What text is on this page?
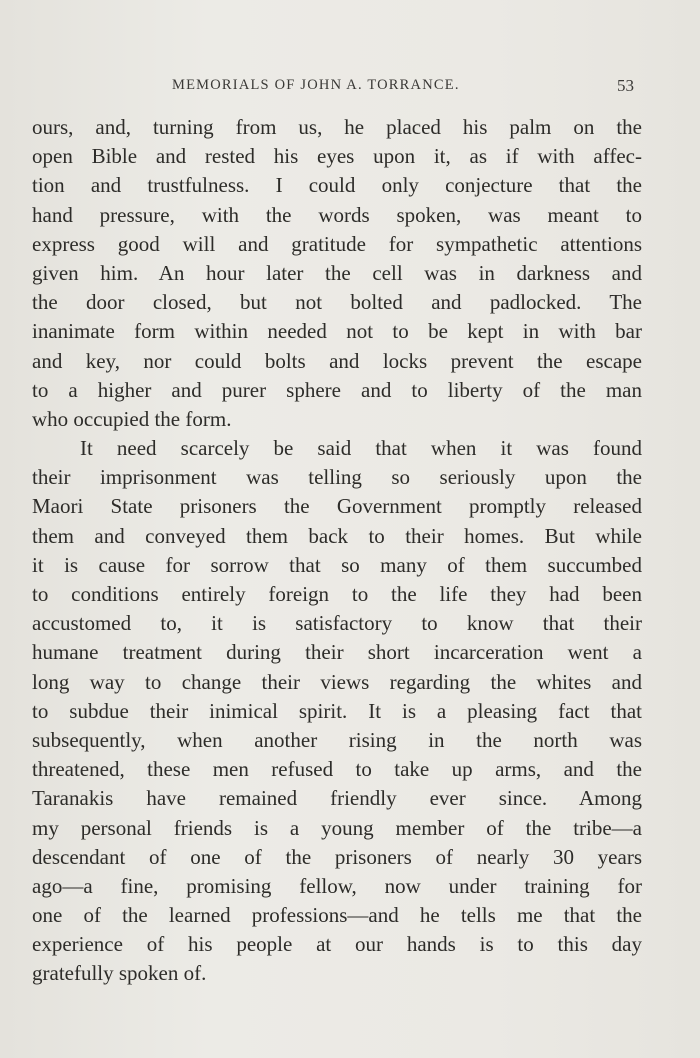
MEMORIALS OF JOHN A. TORRANCE.	53
ours, and, turning from us, he placed his palm on the
open Bible and rested his eyes upon it, as if with affec-
tion and trustfulness. I could only conjecture that the
hand pressure, with the words spoken, was meant to
express good will and gratitude for sympathetic attentions
given him. An hour later the cell was in darkness and
the door closed, but not bolted and padlocked. The
inanimate form within needed not to be kept in with bar
and key, nor could bolts and locks prevent the escape
to a higher and purer sphere and to liberty of the man
who occupied the form.
It need scarcely be said that when it was found
their imprisonment was telling so seriously upon the
Maori State prisoners the Government promptly released
them and conveyed them back to their homes. But while
it is cause for sorrow that so many of them succumbed
to conditions entirely foreign to the life they had been
accustomed to, it is satisfactory to know that their
humane treatment during their short incarceration went a
long way to change their views regarding the whites and
to subdue their inimical spirit. It is a pleasing fact that
subsequently, when another rising in the north was
threatened, these men refused to take up arms, and the
Taranakis have remained friendly ever since. Among
my personal friends is a young member of the tribe—a
descendant of one of the prisoners of nearly 30 years
ago—a fine, promising fellow, now under training for
one of the learned professions—and he tells me that the
experience of his people at our hands is to this day
gratefully spoken of.
